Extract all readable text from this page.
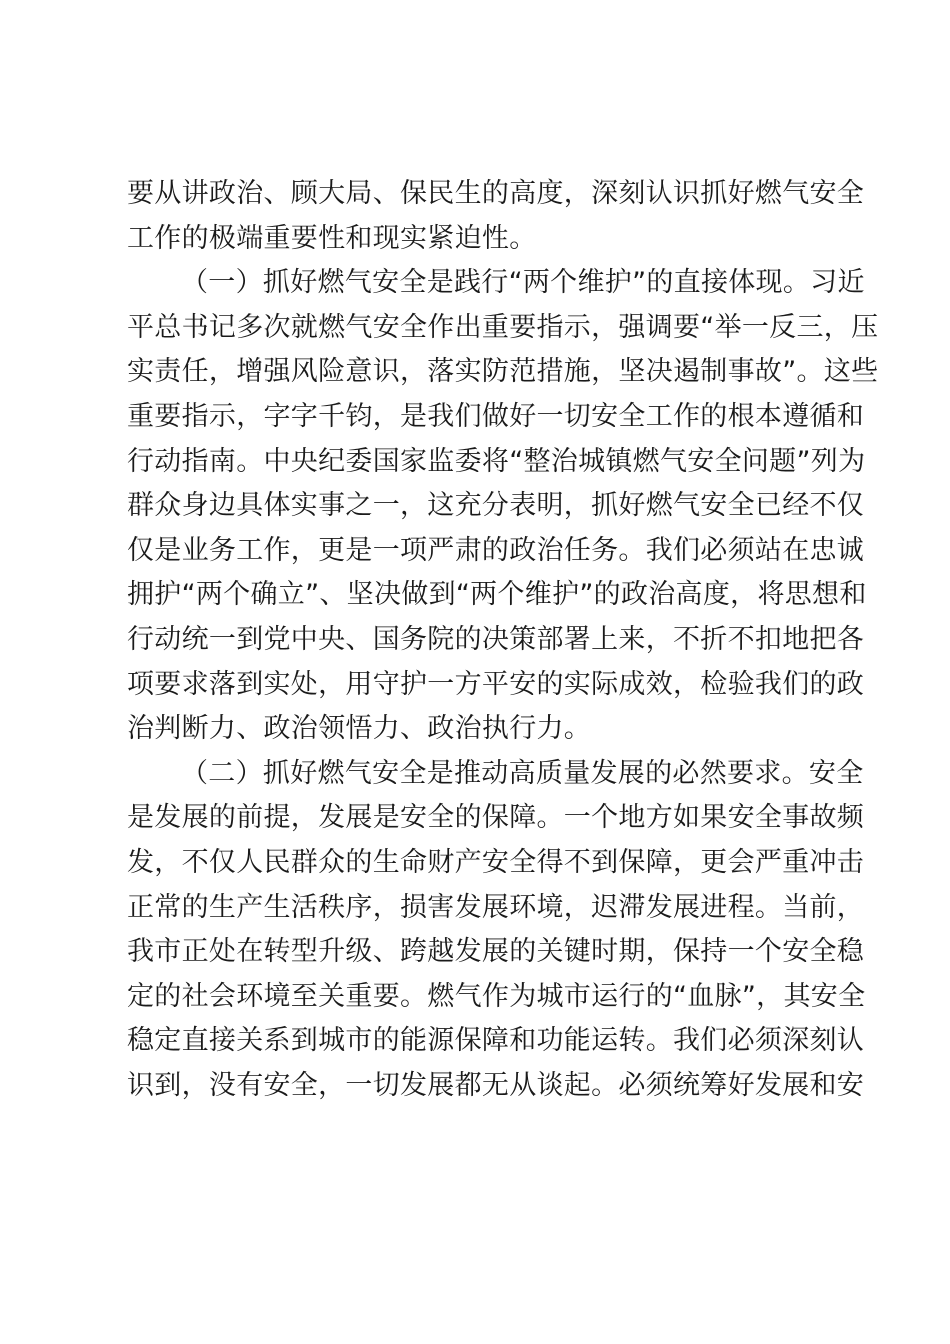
要从讲政治、顾大局、保民生的高度，深刻认识抓好燃气安全
工作的极端重要性和现实紧迫性。

（一）抓好燃气安全是践行“两个维护”的直接体现。习近
平总书记多次就燃气安全作出重要指示，强调要“举一反三，压
实责任，增强风险意识，落实防范措施，坚决遏制事故”。这些
重要指示，字字千钧，是我们做好一切安全工作的根本遵循和
行动指南。中央纪委国家监委将“整治城镇燃气安全问题”列为
群众身边具体实事之一，这充分表明，抓好燃气安全已经不仅
仅是业务工作，更是一项严肃的政治任务。我们必须站在忠诚
拥护“两个确立”、坚决做到“两个维护”的政治高度，将思想和
行动统一到党中央、国务院的决策部署上来，不折不扣地把各
项要求落到实处，用守护一方平安的实际成效，检验我们的政
治判断力、政治领悟力、政治执行力。

（二）抓好燃气安全是推动高质量发展的必然要求。安全
是发展的前提，发展是安全的保障。一个地方如果安全事故频
发，不仅人民群众的生命财产安全得不到保障，更会严重冲击
正常的生产生活秩序，损害发展环境，迟滞发展进程。当前，
我市正处在转型升级、跨越发展的关键时期，保持一个安全稳
定的社会环境至关重要。燃气作为城市运行的“血脉”，其安全
稳定直接关系到城市的能源保障和功能运转。我们必须深刻认
识到，没有安全，一切发展都无从谈起。必须统筹好发展和安
